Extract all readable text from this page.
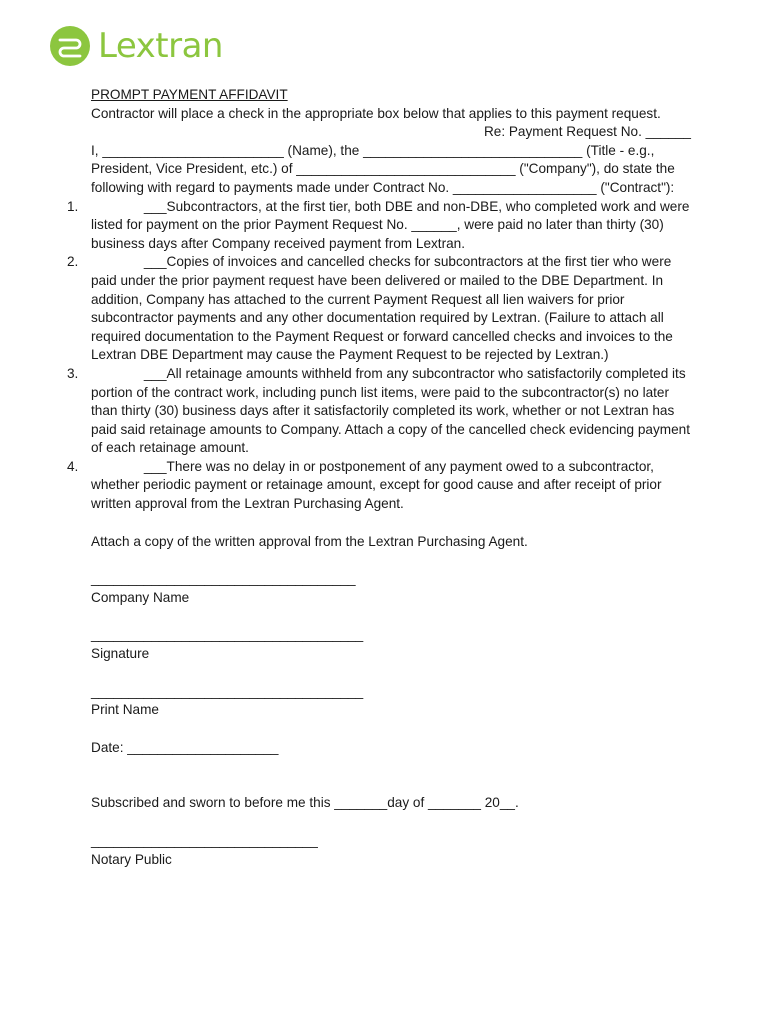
Lextran

PROMPT PAYMENT AFFIDAVIT

Contractor will place a check in the appropriate box below that applies to this payment request.

Re: Payment Request No. ______

I, ________________________ (Name), the _____________________________ (Title - e.g., President, Vice President, etc.) of _____________________________ ("Company"), do state the following with regard to payments made under Contract No. ___________________ ("Contract"):

1. ___Subcontractors, at the first tier, both DBE and non-DBE, who completed work and were listed for payment on the prior Payment Request No. ______, were paid no later than thirty (30) business days after Company received payment from Lextran.

2. ___Copies of invoices and cancelled checks for subcontractors at the first tier who were paid under the prior payment request have been delivered or mailed to the DBE Department. In addition, Company has attached to the current Payment Request all lien waivers for prior subcontractor payments and any other documentation required by Lextran. (Failure to attach all required documentation to the Payment Request or forward cancelled checks and invoices to the Lextran DBE Department may cause the Payment Request to be rejected by Lextran.)

3. ___All retainage amounts withheld from any subcontractor who satisfactorily completed its portion of the contract work, including punch list items, were paid to the subcontractor(s) no later than thirty (30) business days after it satisfactorily completed its work, whether or not Lextran has paid said retainage amounts to Company. Attach a copy of the cancelled check evidencing payment of each retainage amount.

4. ___There was no delay in or postponement of any payment owed to a subcontractor, whether periodic payment or retainage amount, except for good cause and after receipt of prior written approval from the Lextran Purchasing Agent.

Attach a copy of the written approval from the Lextran Purchasing Agent.

___________________________________

Company Name

____________________________________

Signature

____________________________________

Print Name

Date: ____________________

Subscribed and sworn to before me this _______day of _______ 20__.

______________________________

Notary Public
